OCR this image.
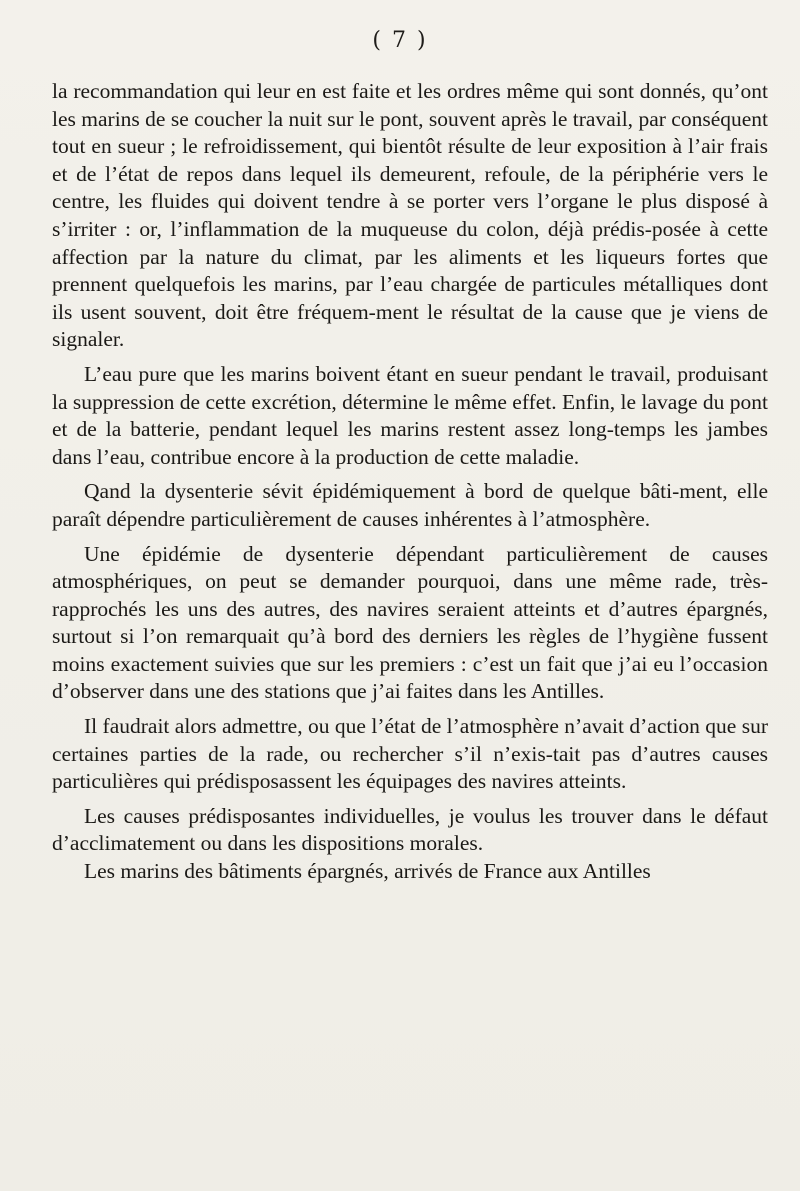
( 7 )

la recommandation qui leur en est faite et les ordres même qui sont donnés, qu’ont les marins de se coucher la nuit sur le pont, souvent après le travail, par conséquent tout en sueur ; le refroidissement, qui bientôt résulte de leur exposition à l’air frais et de l’état de repos dans lequel ils demeurent, refoule, de la périphérie vers le centre, les fluides qui doivent tendre à se porter vers l’organe le plus disposé à s’irriter : or, l’inflammation de la muqueuse du colon, déjà prédis-posée à cette affection par la nature du climat, par les aliments et les liqueurs fortes que prennent quelquefois les marins, par l’eau chargée de particules métalliques dont ils usent souvent, doit être fréquem-ment le résultat de la cause que je viens de signaler.

L’eau pure que les marins boivent étant en sueur pendant le travail, produisant la suppression de cette excrétion, détermine le même effet. Enfin, le lavage du pont et de la batterie, pendant lequel les marins restent assez long-temps les jambes dans l’eau, contribue encore à la production de cette maladie.

Qand la dysenterie sévit épidémiquement à bord de quelque bâti-ment, elle paraît dépendre particulièrement de causes inhérentes à l’atmosphère.

Une épidémie de dysenterie dépendant particulièrement de causes atmosphériques, on peut se demander pourquoi, dans une même rade, très-rapprochés les uns des autres, des navires seraient atteints et d’autres épargnés, surtout si l’on remarquait qu’à bord des derniers les règles de l’hygiène fussent moins exactement suivies que sur les premiers : c’est un fait que j’ai eu l’occasion d’observer dans une des stations que j’ai faites dans les Antilles.

Il faudrait alors admettre, ou que l’état de l’atmosphère n’avait d’action que sur certaines parties de la rade, ou rechercher s’il n’exis-tait pas d’autres causes particulières qui prédisposassent les équipages des navires atteints.

Les causes prédisposantes individuelles, je voulus les trouver dans le défaut d’acclimatement ou dans les dispositions morales.

Les marins des bâtiments épargnés, arrivés de France aux Antilles
